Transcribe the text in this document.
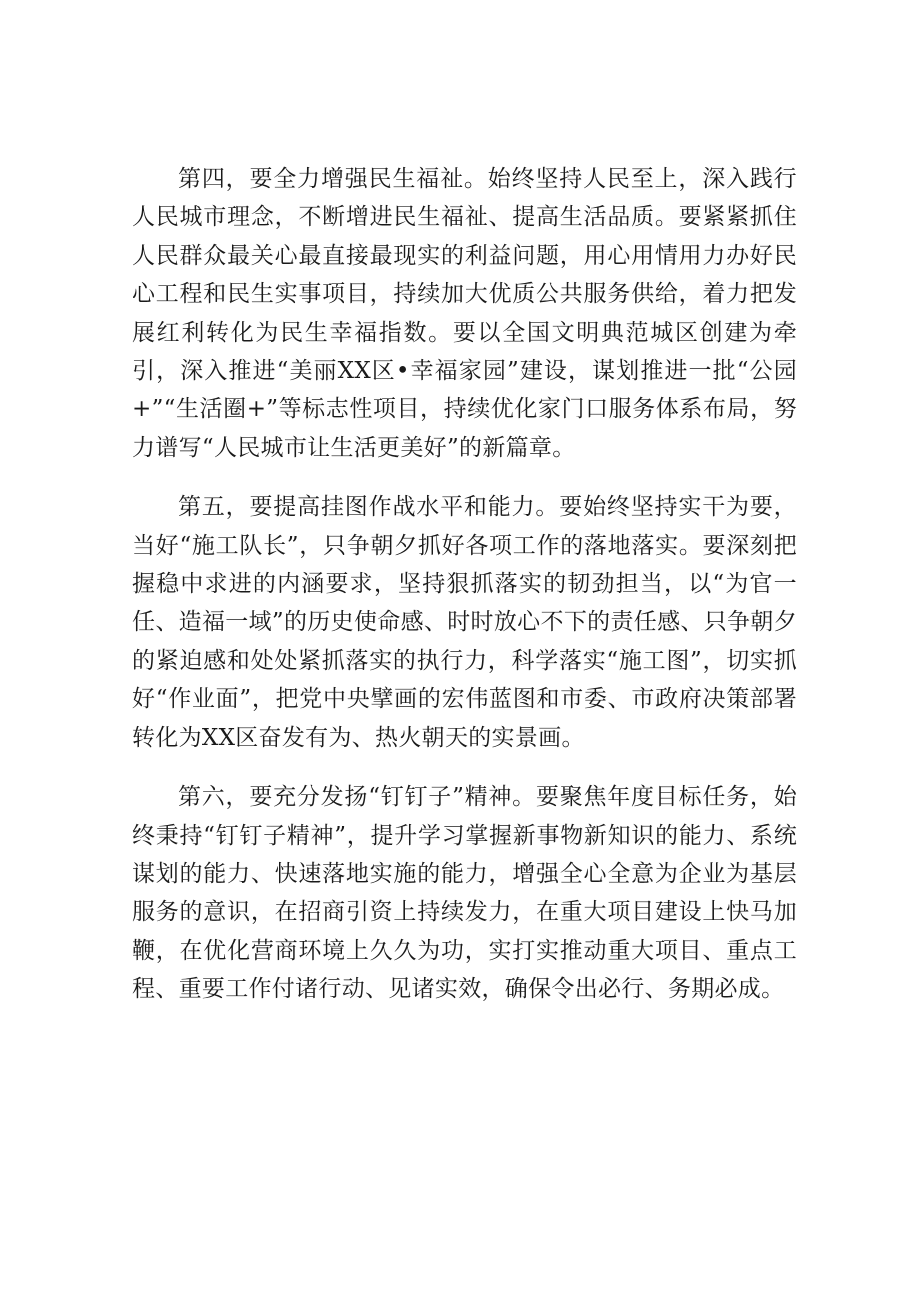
第四，要全力增强民生福祉。始终坚持人民至上，深入践行人民城市理念，不断增进民生福祉、提高生活品质。要紧紧抓住人民群众最关心最直接最现实的利益问题，用心用情用力办好民心工程和民生实事项目，持续加大优质公共服务供给，着力把发展红利转化为民生幸福指数。要以全国文明典范城区创建为牵引，深入推进“美丽XX区•幸福家园”建设，谋划推进一批“公园+”“生活圈+”等标志性项目，持续优化家门口服务体系布局，努力谱写“人民城市让生活更美好”的新篇章。

第五，要提高挂图作战水平和能力。要始终坚持实干为要，当好“施工队长”，只争朝夕抓好各项工作的落地落实。要深刻把握稳中求进的内涵要求，坚持狠抓落实的韧劲担当，以“为官一任、造福一域”的历史使命感、时时放心不下的责任感、只争朝夕的紧迫感和处处紧抓落实的执行力，科学落实“施工图”，切实抓好“作业面”，把党中央擘画的宏伟蓝图和市委、市政府决策部署转化为XX区奋发有为、热火朝天的实景画。

第六，要充分发扬“钉钉子”精神。要聚焦年度目标任务，始终秉持“钉钉子精神”，提升学习掌握新事物新知识的能力、系统谋划的能力、快速落地实施的能力，增强全心全意为企业为基层服务的意识，在招商引资上持续发力，在重大项目建设上快马加鞭，在优化营商环境上久久为功，实打实推动重大项目、重点工程、重要工作付诸行动、见诸实效，确保令出必行、务期必成。
